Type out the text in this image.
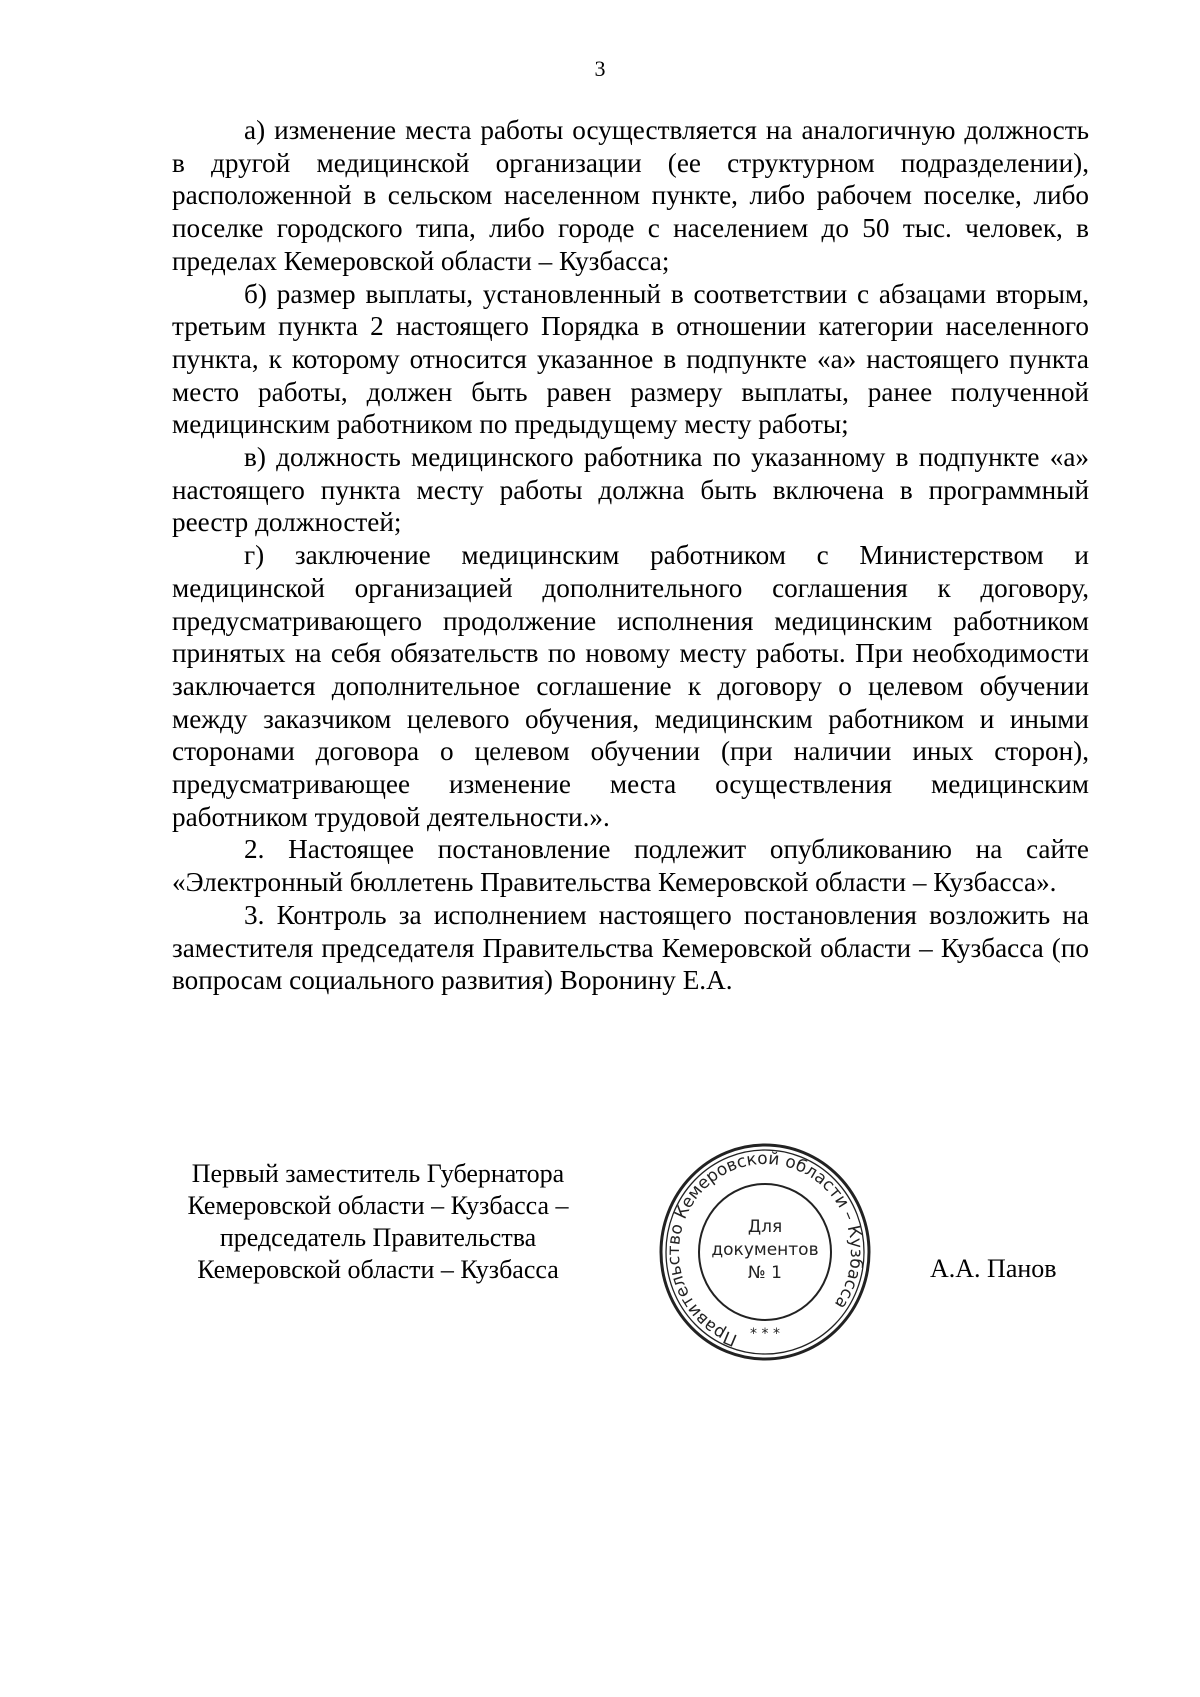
3

а) изменение места работы осуществляется на аналогичную должность в другой медицинской организации (ее структурном подразделении), расположенной в сельском населенном пункте, либо рабочем поселке, либо поселке городского типа, либо городе с населением до 50 тыс. человек, в пределах Кемеровской области – Кузбасса;

б) размер выплаты, установленный в соответствии с абзацами вторым, третьим пункта 2 настоящего Порядка в отношении категории населенного пункта, к которому относится указанное в подпункте «а» настоящего пункта место работы, должен быть равен размеру выплаты, ранее полученной медицинским работником по предыдущему месту работы;

в) должность медицинского работника по указанному в подпункте «а» настоящего пункта месту работы должна быть включена в программный реестр должностей;

г) заключение медицинским работником с Министерством и медицинской организацией дополнительного соглашения к договору, предусматривающего продолжение исполнения медицинским работником принятых на себя обязательств по новому месту работы. При необходимости заключается дополнительное соглашение к договору о целевом обучении между заказчиком целевого обучения, медицинским работником и иными сторонами договора о целевом обучении (при наличии иных сторон), предусматривающее изменение места осуществления медицинским работником трудовой деятельности.».

2. Настоящее постановление подлежит опубликованию на сайте «Электронный бюллетень Правительства Кемеровской области – Кузбасса».

3. Контроль за исполнением настоящего постановления возложить на заместителя председателя Правительства Кемеровской области – Кузбасса (по вопросам социального развития) Воронину Е.А.

Первый заместитель Губернатора
Кемеровской области – Кузбасса –
председатель Правительства
Кемеровской области – Кузбасса
Правительство Кемеровской области – Кузбасса
* * *
Для
документов
№ 1	А.А. Панов
